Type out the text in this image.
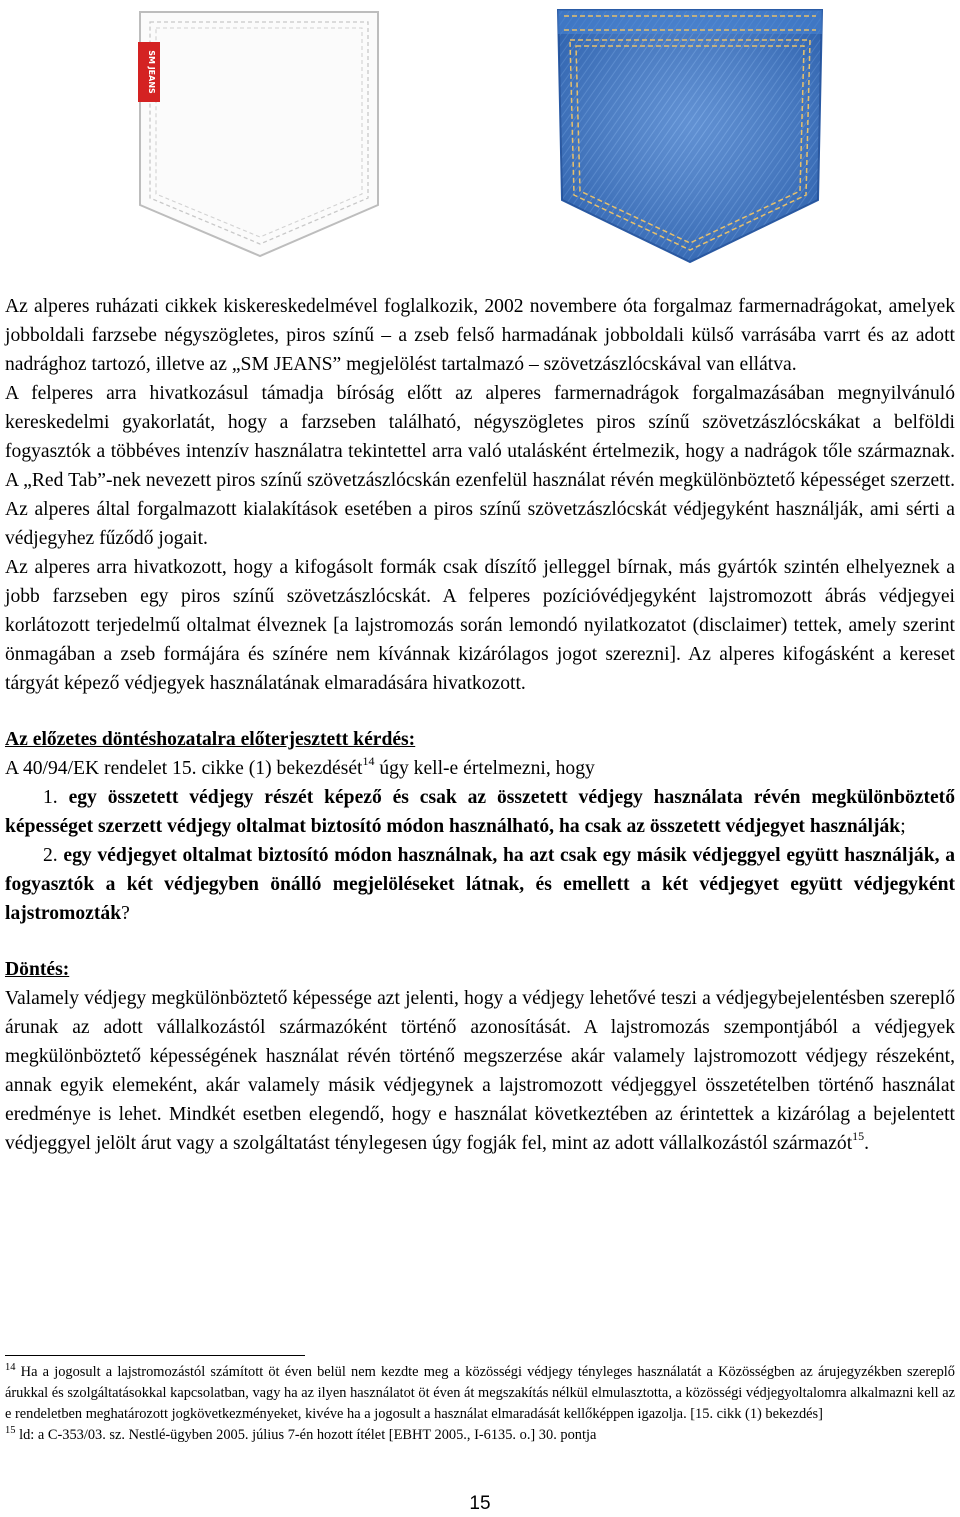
SM JEANS

Az alperes ruházati cikkek kiskereskedelmével foglalkozik, 2002 novembere óta forgalmaz farmernadrágokat, amelyek jobboldali farzsebe négyszögletes, piros színű – a zseb felső harmadának jobboldali külső varrásába varrt és az adott nadrághoz tartozó, illetve az „SM JEANS” megjelölést tartalmazó – szövetzászlócskával van ellátva.

A felperes arra hivatkozásul támadja bíróság előtt az alperes farmernadrágok forgalmazásában megnyilvánuló kereskedelmi gyakorlatát, hogy a farzseben található, négyszögletes piros színű szövetzászlócskákat a belföldi fogyasztók a többéves intenzív használatra tekintettel arra való utalásként értelmezik, hogy a nadrágok tőle származnak. A „Red Tab”-nek nevezett piros színű szövetzászlócskán ezenfelül használat révén megkülönböztető képességet szerzett. Az alperes által forgalmazott kialakítások esetében a piros színű szövetzászlócskát védjegyként használják, ami sérti a védjegyhez fűződő jogait.

Az alperes arra hivatkozott, hogy a kifogásolt formák csak díszítő jelleggel bírnak, más gyártók szintén elhelyeznek a jobb farzseben egy piros színű szövetzászlócskát. A felperes pozícióvédjegyként lajstromozott ábrás védjegyei korlátozott terjedelmű oltalmat élveznek [a lajstromozás során lemondó nyilatkozatot (disclaimer) tettek, amely szerint önmagában a zseb formájára és színére nem kívánnak kizárólagos jogot szerezni]. Az alperes kifogásként a kereset tárgyát képező védjegyek használatának elmaradására hivatkozott.

Az előzetes döntéshozatalra előterjesztett kérdés:

A 40/94/EK rendelet 15. cikke (1) bekezdését$^{14}$ úgy kell-e értelmezni, hogy

1. egy összetett védjegy részét képező és csak az összetett védjegy használata révén megkülönböztető képességet szerzett védjegy oltalmat biztosító módon használható, ha csak az összetett védjegyet használják;

2. egy védjegyet oltalmat biztosító módon használnak, ha azt csak egy másik védjeggyel együtt használják, a fogyasztók a két védjegyben önálló megjelöléseket látnak, és emellett a két védjegyet együtt védjegyként lajstromozták?

Döntés:

Valamely védjegy megkülönböztető képessége azt jelenti, hogy a védjegy lehetővé teszi a védjegybejelentésben szereplő árunak az adott vállalkozástól származóként történő azonosítását. A lajstromozás szempontjából a védjegyek megkülönböztető képességének használat révén történő megszerzése akár valamely lajstromozott védjegy részeként, annak egyik elemeként, akár valamely másik védjegynek a lajstromozott védjeggyel összetételben történő használat eredménye is lehet. Mindkét esetben elegendő, hogy e használat következtében az érintettek a kizárólag a bejelentett védjeggyel jelölt árut vagy a szolgáltatást ténylegesen úgy fogják fel, mint az adott vállalkozástól származót$^{15}$.

$^{14}$ Ha a jogosult a lajstromozástól számított öt éven belül nem kezdte meg a közösségi védjegy tényleges használatát a Közösségben az árujegyzékben szereplő árukkal és szolgáltatásokkal kapcsolatban, vagy ha az ilyen használatot öt éven át megszakítás nélkül elmulasztotta, a közösségi védjegyoltalomra alkalmazni kell az e rendeletben meghatározott jogkövetkezményeket, kivéve ha a jogosult a használat elmaradását kellőképpen igazolja. [15. cikk (1) bekezdés]

$^{15}$ ld: a C-353/03. sz. Nestlé-ügyben 2005. július 7-én hozott ítélet [EBHT 2005., I-6135. o.] 30. pontja

15
